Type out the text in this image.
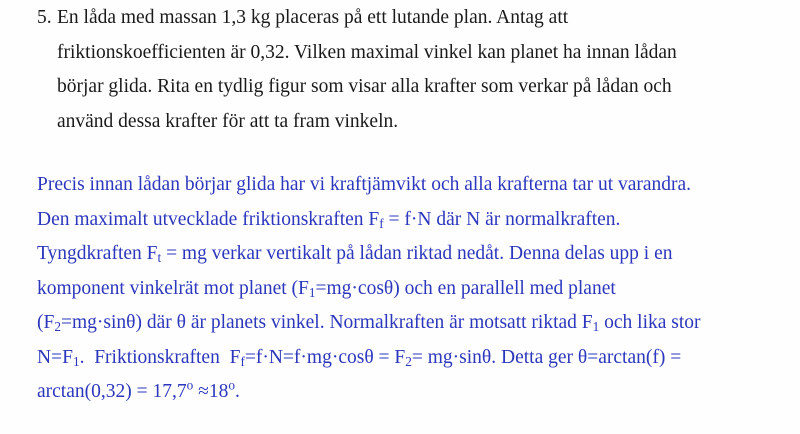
5. En låda med massan 1,3 kg placeras på ett lutande plan. Antag att
friktionskoefficienten är 0,32. Vilken maximal vinkel kan planet ha innan lådan
börjar glida. Rita en tydlig figur som visar alla krafter som verkar på lådan och
använd dessa krafter för att ta fram vinkeln.
Precis innan lådan börjar glida har vi kraftjämvikt och alla krafterna tar ut varandra.
Den maximalt utvecklade friktionskraften $F_f = f\cdot N$ där N är normalkraften.
Tyngdkraften $F_t$ = mg verkar vertikalt på lådan riktad nedåt. Denna delas upp i en
komponent vinkelrät mot planet $(F_1=mg\cdot\cos\theta)$ och en parallell med planet
$(F_2=mg\cdot\sin\theta)$ där θ är planets vinkel. Normalkraften är motsatt riktad $F_1$ och lika stor
$N=F_1$.  Friktionskraften  $F_f=f\cdot N=f\cdot mg\cdot\cos\theta = F_2= mg\cdot\sin\theta$. Detta ger θ=arctan(f) =
$\arctan(0,32) = 17,7^o \approx 18^o$.
